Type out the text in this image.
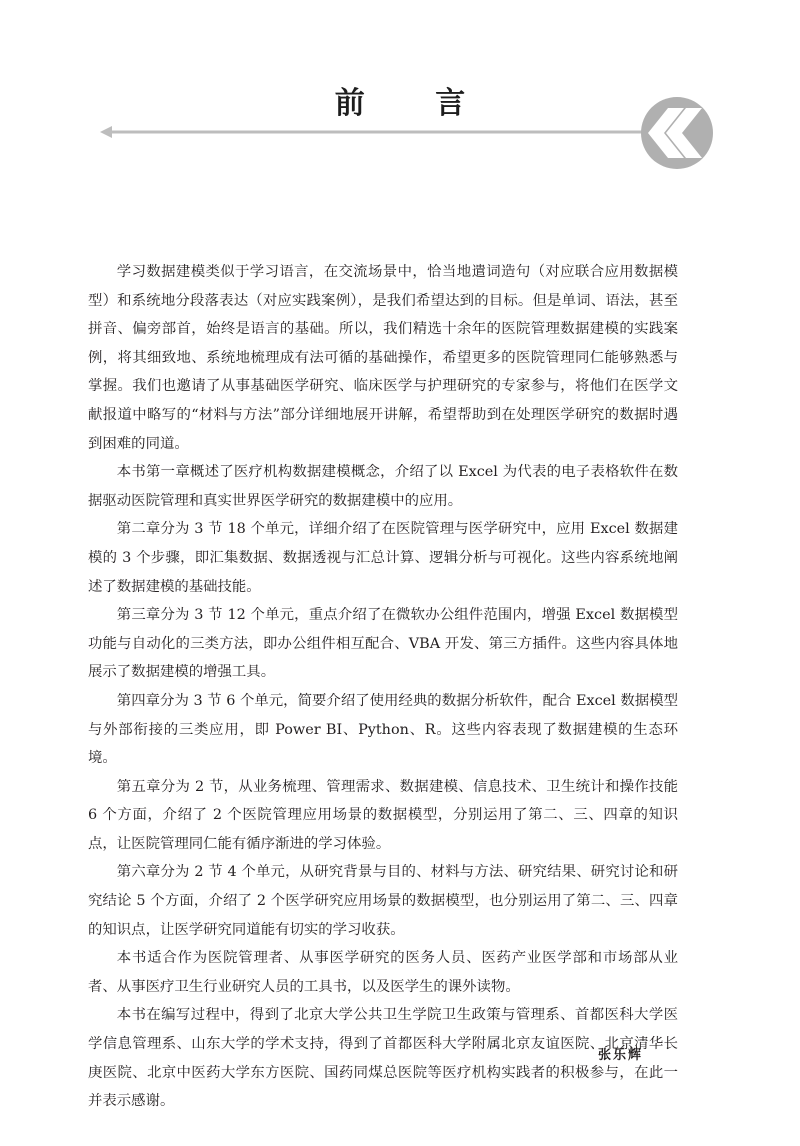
前 言

学习数据建模类似于学习语言，在交流场景中，恰当地遣词造句（对应联合应用数据模型）和系统地分段落表达（对应实践案例），是我们希望达到的目标。但是单词、语法，甚至拼音、偏旁部首，始终是语言的基础。所以，我们精选十余年的医院管理数据建模的实践案例，将其细致地、系统地梳理成有法可循的基础操作，希望更多的医院管理同仁能够熟悉与掌握。我们也邀请了从事基础医学研究、临床医学与护理研究的专家参与，将他们在医学文献报道中略写的“材料与方法”部分详细地展开讲解，希望帮助到在处理医学研究的数据时遇到困难的同道。

本书第一章概述了医疗机构数据建模概念，介绍了以 Excel 为代表的电子表格软件在数据驱动医院管理和真实世界医学研究的数据建模中的应用。

第二章分为 3 节 18 个单元，详细介绍了在医院管理与医学研究中，应用 Excel 数据建模的 3 个步骤，即汇集数据、数据透视与汇总计算、逻辑分析与可视化。这些内容系统地阐述了数据建模的基础技能。

第三章分为 3 节 12 个单元，重点介绍了在微软办公组件范围内，增强 Excel 数据模型功能与自动化的三类方法，即办公组件相互配合、VBA 开发、第三方插件。这些内容具体地展示了数据建模的增强工具。

第四章分为 3 节 6 个单元，简要介绍了使用经典的数据分析软件，配合 Excel 数据模型与外部衔接的三类应用，即 Power BI、Python、R。这些内容表现了数据建模的生态环境。

第五章分为 2 节，从业务梳理、管理需求、数据建模、信息技术、卫生统计和操作技能 6 个方面，介绍了 2 个医院管理应用场景的数据模型，分别运用了第二、三、四章的知识点，让医院管理同仁能有循序渐进的学习体验。

第六章分为 2 节 4 个单元，从研究背景与目的、材料与方法、研究结果、研究讨论和研究结论 5 个方面，介绍了 2 个医学研究应用场景的数据模型，也分别运用了第二、三、四章的知识点，让医学研究同道能有切实的学习收获。

本书适合作为医院管理者、从事医学研究的医务人员、医药产业医学部和市场部从业者、从事医疗卫生行业研究人员的工具书，以及医学生的课外读物。

本书在编写过程中，得到了北京大学公共卫生学院卫生政策与管理系、首都医科大学医学信息管理系、山东大学的学术支持，得到了首都医科大学附属北京友谊医院、北京清华长庚医院、北京中医药大学东方医院、国药同煤总医院等医疗机构实践者的积极参与，在此一并表示感谢。

张乐辉
